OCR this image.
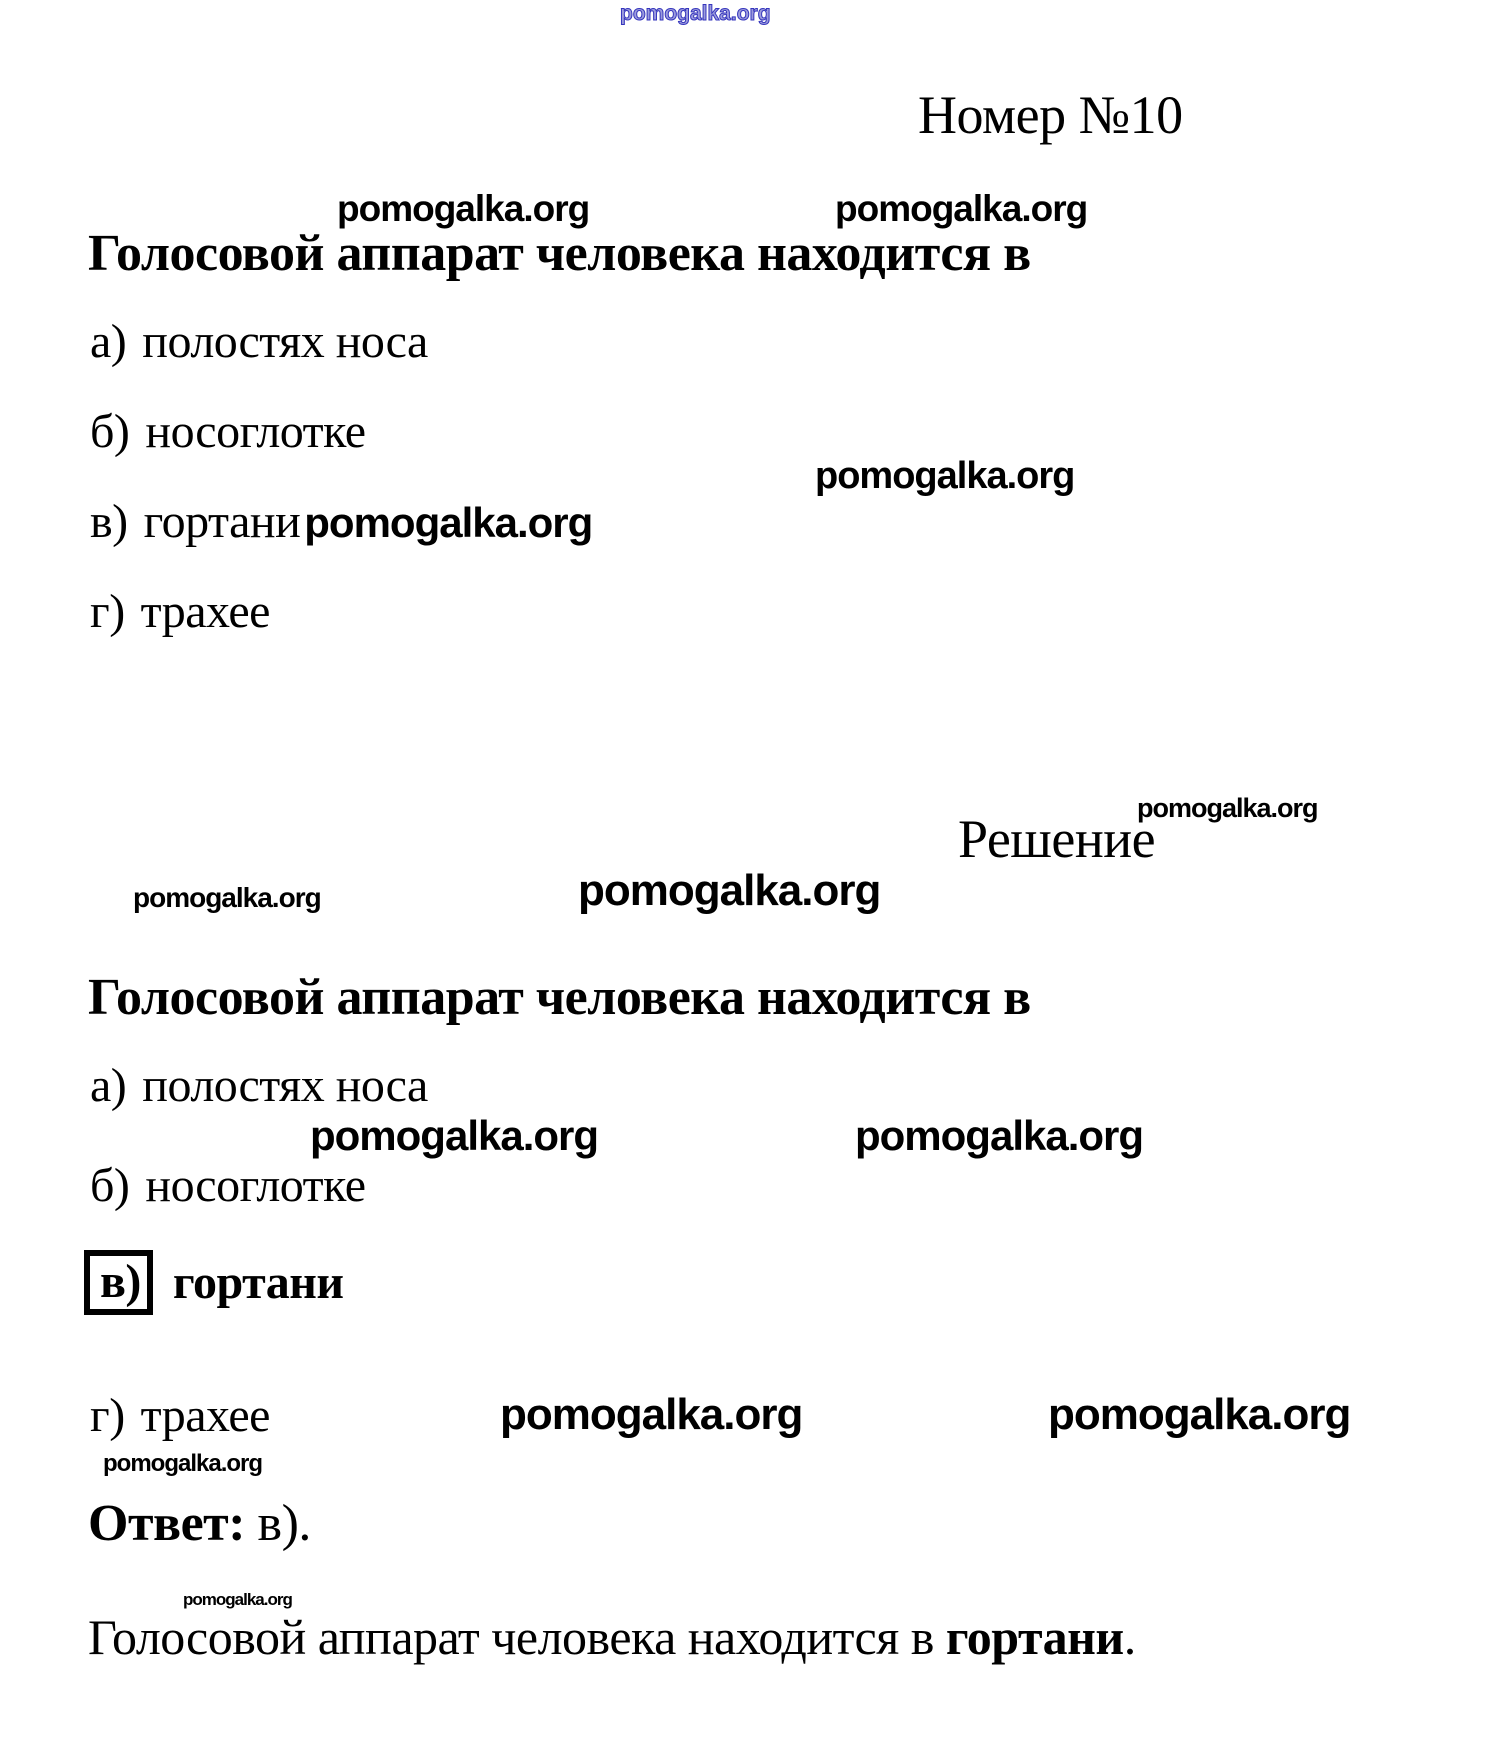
pomogalka.org
Номер №10
pomogalka.org	pomogalka.org
Голосовой аппарат человека находится в
а) полостях носа
б) носоглотке
pomogalka.org
в) гортаниpomogalka.org
г) трахее
pomogalka.org
Решение
pomogalka.org
pomogalka.org
Голосовой аппарат человека находится в
а) полостях носа
pomogalka.org	pomogalka.org
б) носоглотке
в) гортани
г) трахее	pomogalka.org	pomogalka.org
pomogalka.org
Ответ: в).
pomogalka.org
Голосовой аппарат человека находится в гортани.
